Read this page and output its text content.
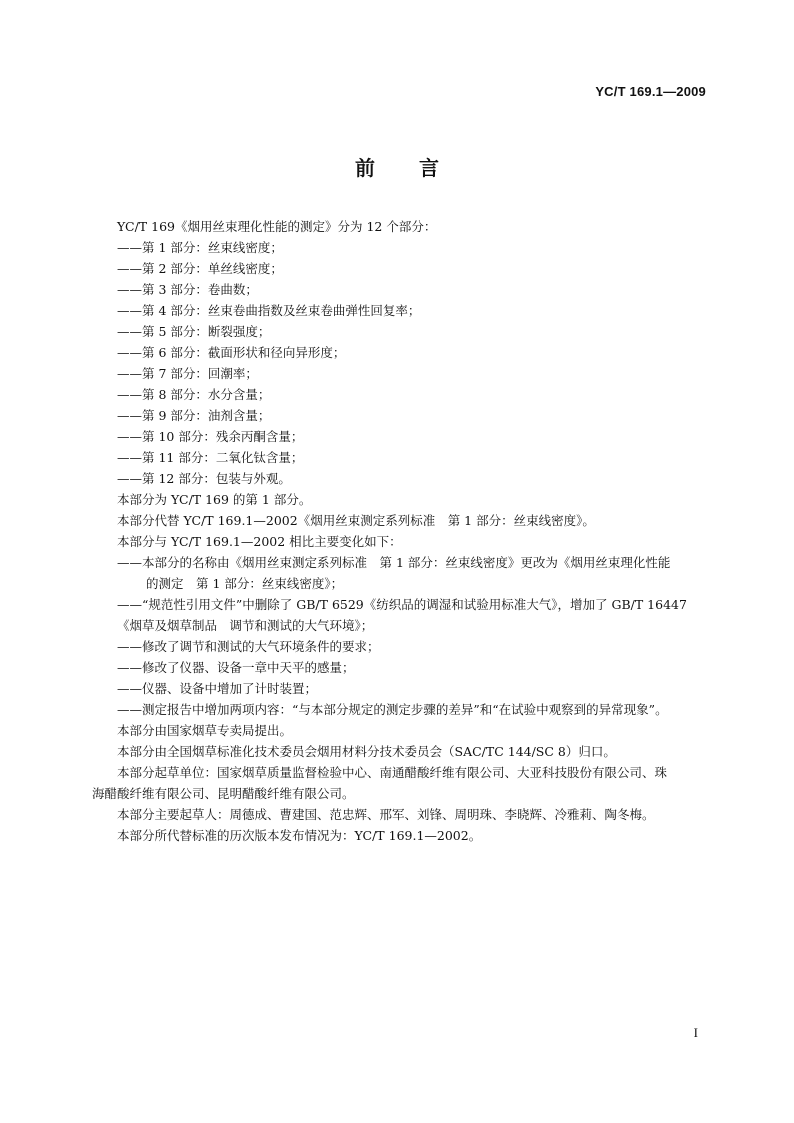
YC/T 169.1—2009
前言
YC/T 169《烟用丝束理化性能的测定》分为 12 个部分：
——第 1 部分：丝束线密度；
——第 2 部分：单丝线密度；
——第 3 部分：卷曲数；
——第 4 部分：丝束卷曲指数及丝束卷曲弹性回复率；
——第 5 部分：断裂强度；
——第 6 部分：截面形状和径向异形度；
——第 7 部分：回潮率；
——第 8 部分：水分含量；
——第 9 部分：油剂含量；
——第 10 部分：残余丙酮含量；
——第 11 部分：二氧化钛含量；
——第 12 部分：包装与外观。
本部分为 YC/T 169 的第 1 部分。
本部分代替 YC/T 169.1—2002《烟用丝束测定系列标准　第 1 部分：丝束线密度》。
本部分与 YC/T 169.1—2002 相比主要变化如下：
——本部分的名称由《烟用丝束测定系列标准　第 1 部分：丝束线密度》更改为《烟用丝束理化性能
的测定　第 1 部分：丝束线密度》；
——“规范性引用文件”中删除了 GB/T 6529《纺织品的调湿和试验用标准大气》，增加了 GB/T 16447
《烟草及烟草制品　调节和测试的大气环境》；
——修改了调节和测试的大气环境条件的要求；
——修改了仪器、设备一章中天平的感量；
——仪器、设备中增加了计时装置；
——测定报告中增加两项内容：“与本部分规定的测定步骤的差异”和“在试验中观察到的异常现象”。
本部分由国家烟草专卖局提出。
本部分由全国烟草标准化技术委员会烟用材料分技术委员会（SAC/TC 144/SC 8）归口。
本部分起草单位：国家烟草质量监督检验中心、南通醋酸纤维有限公司、大亚科技股份有限公司、珠
海醋酸纤维有限公司、昆明醋酸纤维有限公司。
本部分主要起草人：周德成、曹建国、范忠辉、邢军、刘锋、周明珠、李晓辉、冷雅莉、陶冬梅。
本部分所代替标准的历次版本发布情况为：YC/T 169.1—2002。
I
